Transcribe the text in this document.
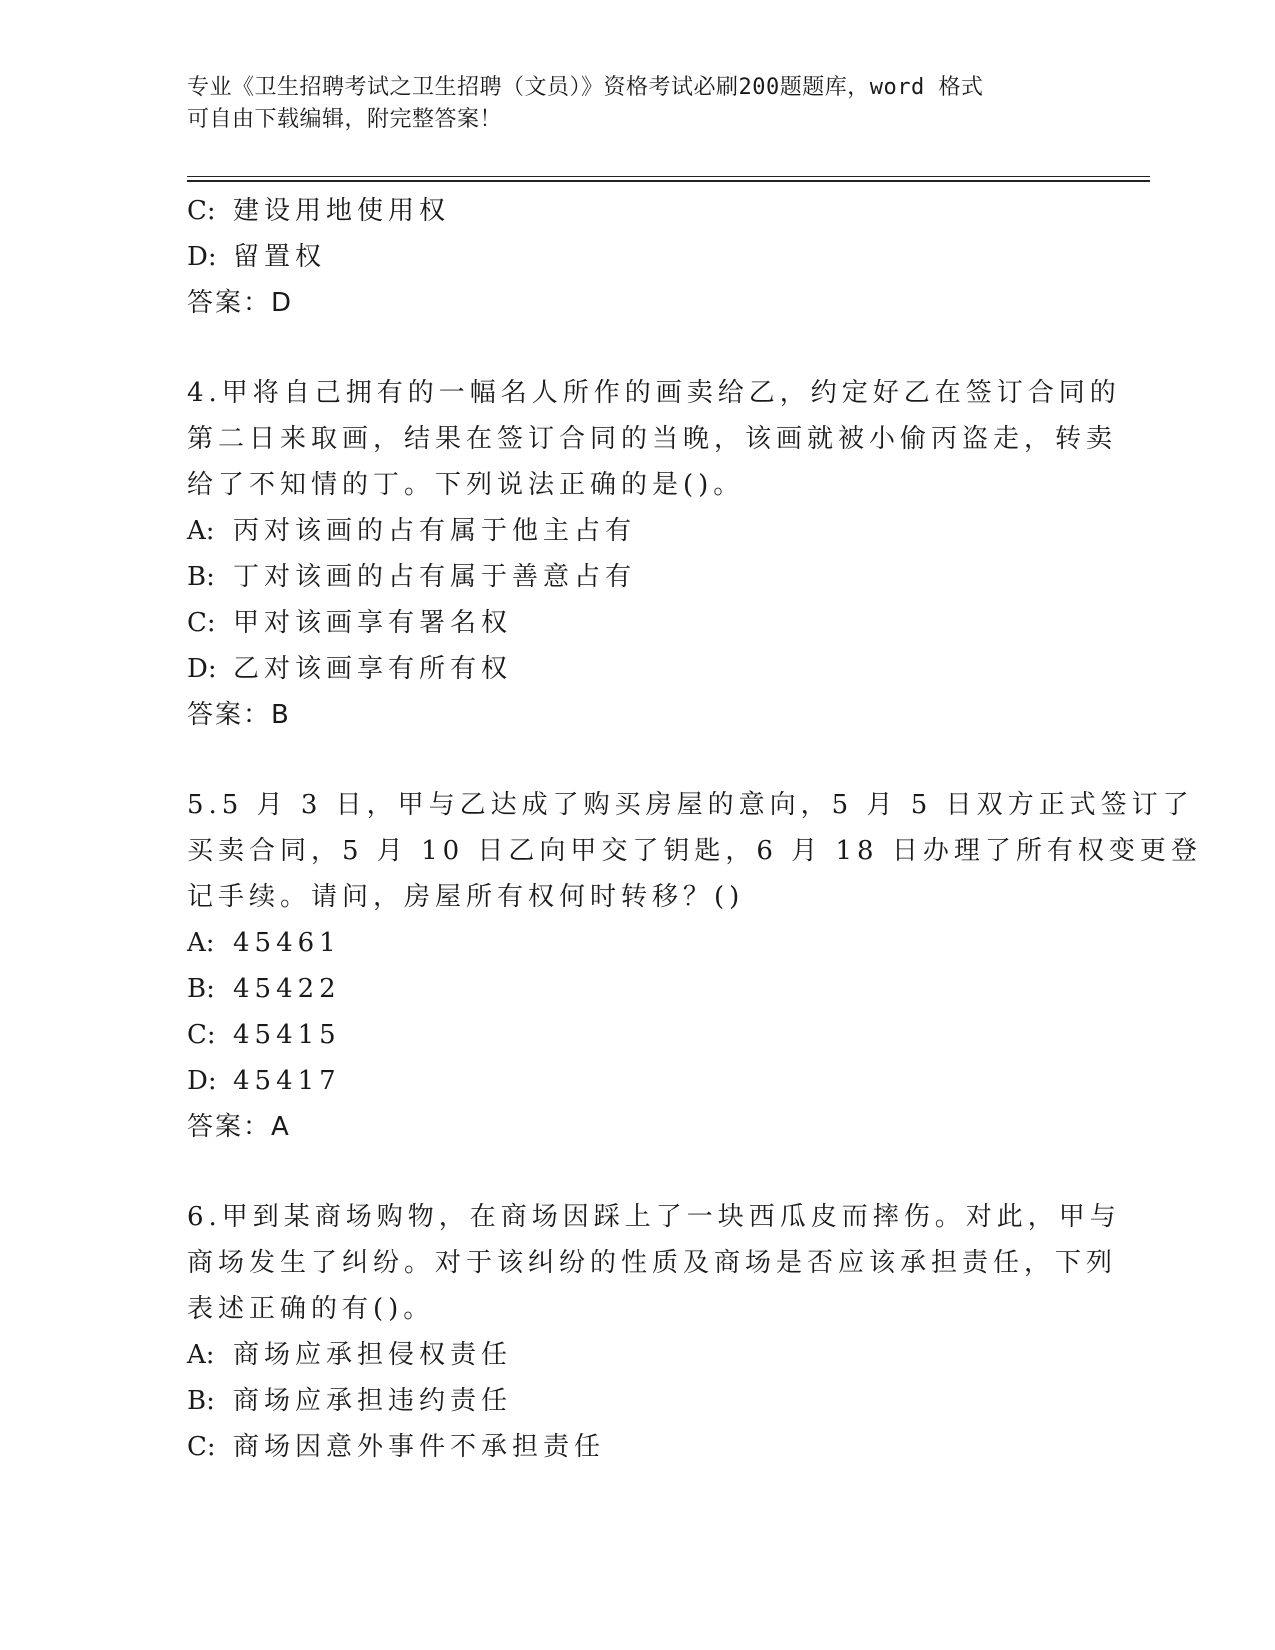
专业《卫生招聘考试之卫生招聘（文员）》资格考试必刷200题题库，word 格式
可自由下载编辑，附完整答案！
C: 建设用地使用权
D: 留置权
答案：D
4.甲将自己拥有的一幅名人所作的画卖给乙，约定好乙在签订合同的
第二日来取画，结果在签订合同的当晚，该画就被小偷丙盗走，转卖
给了不知情的丁。下列说法正确的是()。
A: 丙对该画的占有属于他主占有
B: 丁对该画的占有属于善意占有
C: 甲对该画享有署名权
D: 乙对该画享有所有权
答案：B
5.5 月 3 日，甲与乙达成了购买房屋的意向，5 月 5 日双方正式签订了
买卖合同，5 月 10 日乙向甲交了钥匙，6 月 18 日办理了所有权变更登
记手续。请问，房屋所有权何时转移？()
A: 45461
B: 45422
C: 45415
D: 45417
答案：A
6.甲到某商场购物，在商场因踩上了一块西瓜皮而摔伤。对此，甲与
商场发生了纠纷。对于该纠纷的性质及商场是否应该承担责任，下列
表述正确的有()。
A: 商场应承担侵权责任
B: 商场应承担违约责任
C: 商场因意外事件不承担责任
